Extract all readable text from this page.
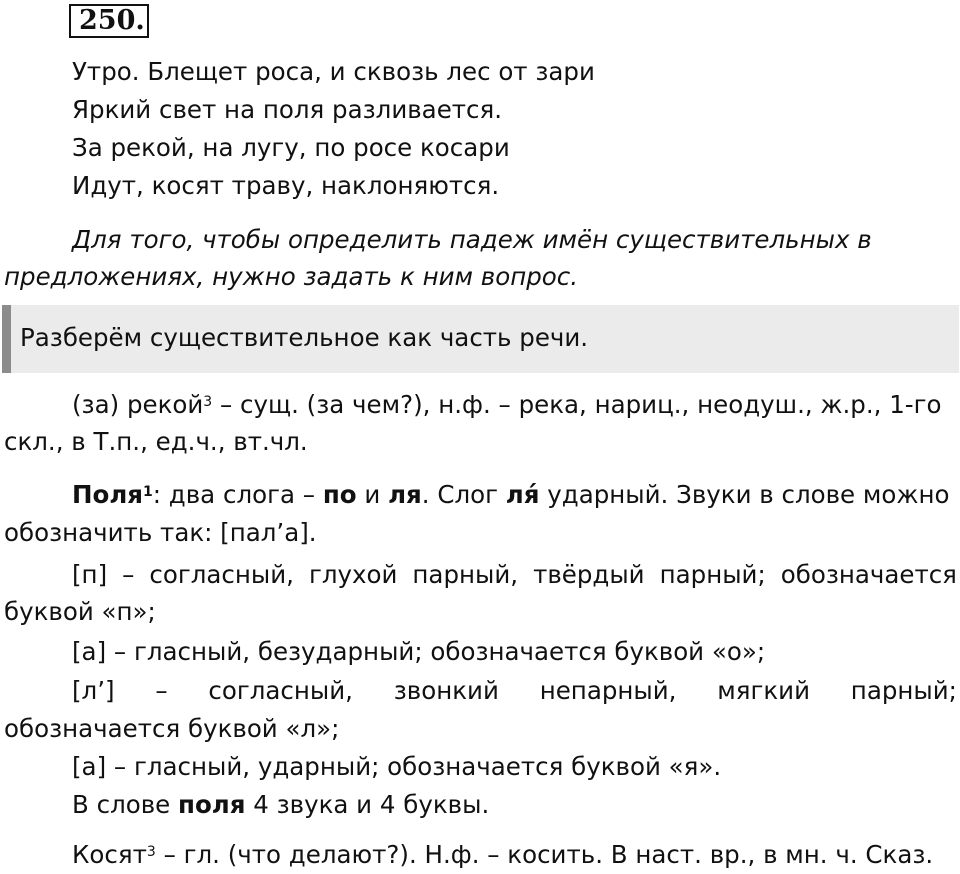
250.
Утро. Блещет роса, и сквозь лес от зари
Яркий свет на поля разливается.
За рекой, на лугу, по росе косари
Идут, косят траву, наклоняются.
Для того, чтобы определить падеж имён существительных в
предложениях, нужно задать к ним вопрос.
Разберём существительное как часть речи.
(за) рекой$^3$ – сущ. (за чем?), н.ф. – река, нариц., неодуш., ж.р., 1-го
скл., в Т.п., ед.ч., вт.чл.
Поля$^1$: два слога – по и ля. Слог ля́ ударный. Звуки в слове можно
обозначить так: [пал’а].
[п] – согласный, глухой парный, твёрдый парный; обозначается
буквой «п»;
[а] – гласный, безударный; обозначается буквой «о»;
[л’] – согласный, звонкий непарный, мягкий парный;
обозначается буквой «л»;
[а] – гласный, ударный; обозначается буквой «я».
В слове поля 4 звука и 4 буквы.
Косят$^3$ – гл. (что делают?). Н.ф. – косить. В наст. вр., в мн. ч. Сказ.
